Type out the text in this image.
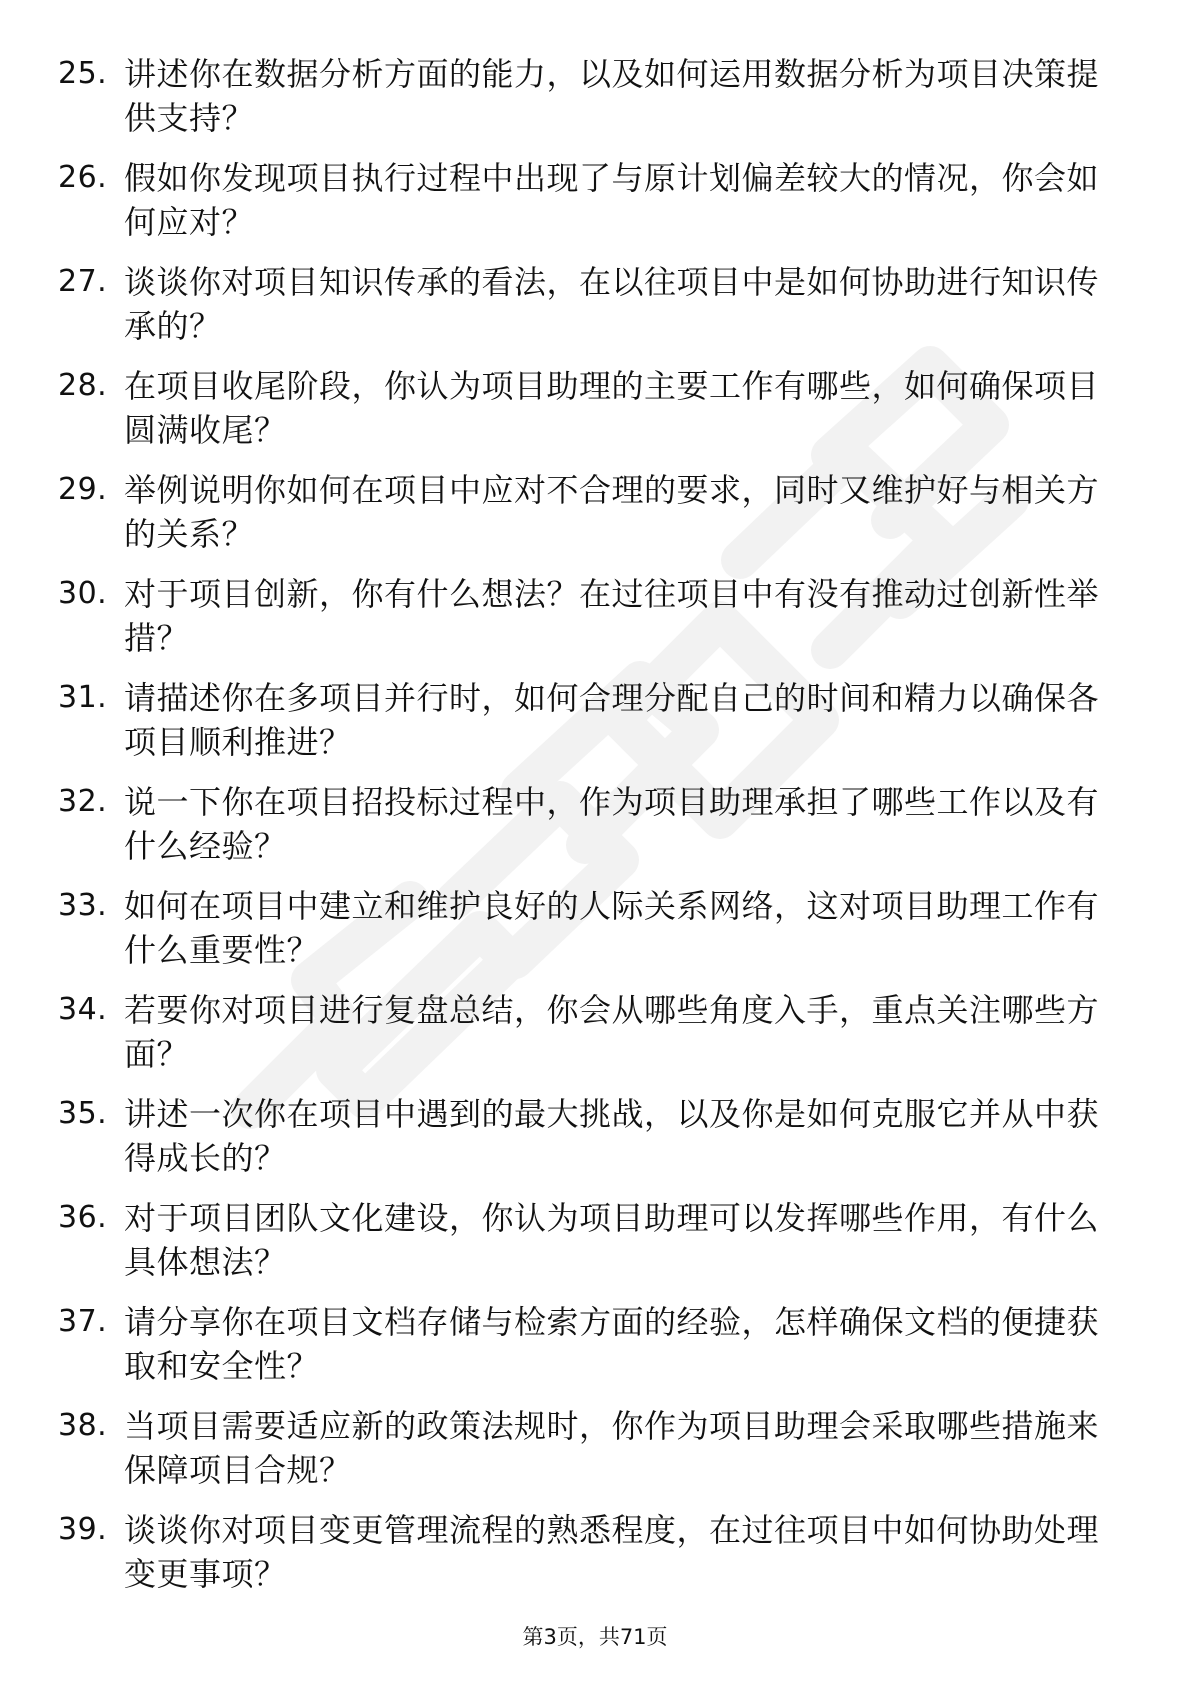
25. 讲述你在数据分析方面的能力，以及如何运用数据分析为项目决策提供支持？
26. 假如你发现项目执行过程中出现了与原计划偏差较大的情况，你会如何应对？
27. 谈谈你对项目知识传承的看法，在以往项目中是如何协助进行知识传承的？
28. 在项目收尾阶段，你认为项目助理的主要工作有哪些，如何确保项目圆满收尾？
29. 举例说明你如何在项目中应对不合理的要求，同时又维护好与相关方的关系？
30. 对于项目创新，你有什么想法？在过往项目中有没有推动过创新性举措？
31. 请描述你在多项目并行时，如何合理分配自己的时间和精力以确保各项目顺利推进？
32. 说一下你在项目招投标过程中，作为项目助理承担了哪些工作以及有什么经验？
33. 如何在项目中建立和维护良好的人际关系网络，这对项目助理工作有什么重要性？
34. 若要你对项目进行复盘总结，你会从哪些角度入手，重点关注哪些方面？
35. 讲述一次你在项目中遇到的最大挑战，以及你是如何克服它并从中获得成长的？
36. 对于项目团队文化建设，你认为项目助理可以发挥哪些作用，有什么具体想法？
37. 请分享你在项目文档存储与检索方面的经验，怎样确保文档的便捷获取和安全性？
38. 当项目需要适应新的政策法规时，你作为项目助理会采取哪些措施来保障项目合规？
39. 谈谈你对项目变更管理流程的熟悉程度，在过往项目中如何协助处理变更事项？
第3页，共71页
